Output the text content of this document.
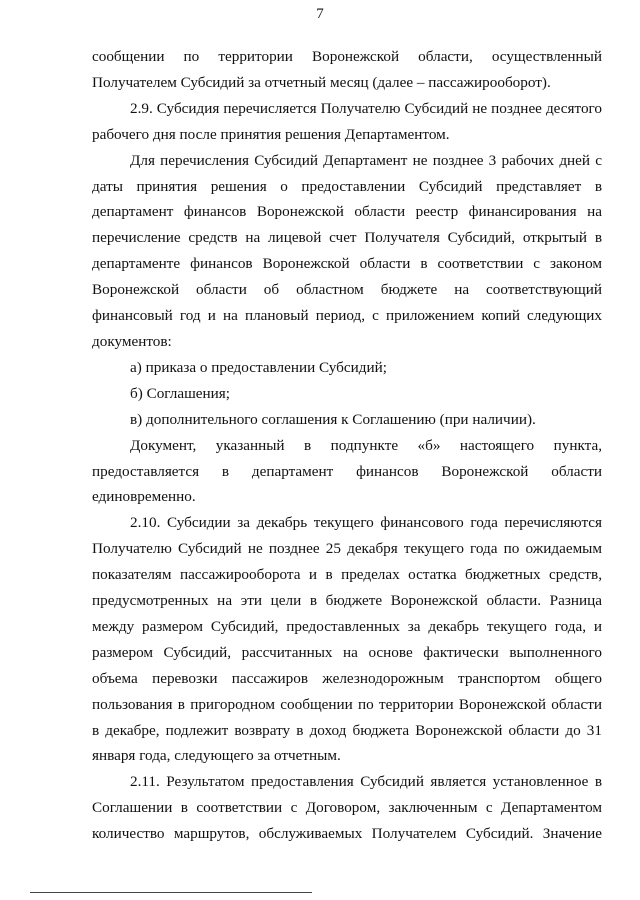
7

сообщении по территории Воронежской области, осуществленный Получателем Субсидий за отчетный месяц (далее – пассажирооборот).

2.9. Субсидия перечисляется Получателю Субсидий не позднее десятого рабочего дня после принятия решения Департаментом.

Для перечисления Субсидий Департамент не позднее 3 рабочих дней с даты принятия решения о предоставлении Субсидий представляет в департамент финансов Воронежской области реестр финансирования на перечисление средств на лицевой счет Получателя Субсидий, открытый в департаменте финансов Воронежской области в соответствии с законом Воронежской области об областном бюджете на соответствующий финансовый год и на плановый период, с приложением копий следующих документов:

а) приказа о предоставлении Субсидий;

б) Соглашения;

в) дополнительного соглашения к Соглашению (при наличии).

Документ, указанный в подпункте «б» настоящего пункта, предоставляется в департамент финансов Воронежской области единовременно.

2.10. Субсидии за декабрь текущего финансового года перечисляются Получателю Субсидий не позднее 25 декабря текущего года по ожидаемым показателям пассажирооборота и в пределах остатка бюджетных средств, предусмотренных на эти цели в бюджете Воронежской области. Разница между размером Субсидий, предоставленных за декабрь текущего года, и размером Субсидий, рассчитанных на основе фактически выполненного объема перевозки пассажиров железнодорожным транспортом общего пользования в пригородном сообщении по территории Воронежской области в декабре, подлежит возврату в доход бюджета Воронежской области до 31 января года, следующего за отчетным.

2.11. Результатом предоставления Субсидий является установленное в Соглашении в соответствии с Договором, заключенным с Департаментом количество маршрутов, обслуживаемых Получателем Субсидий. Значение
